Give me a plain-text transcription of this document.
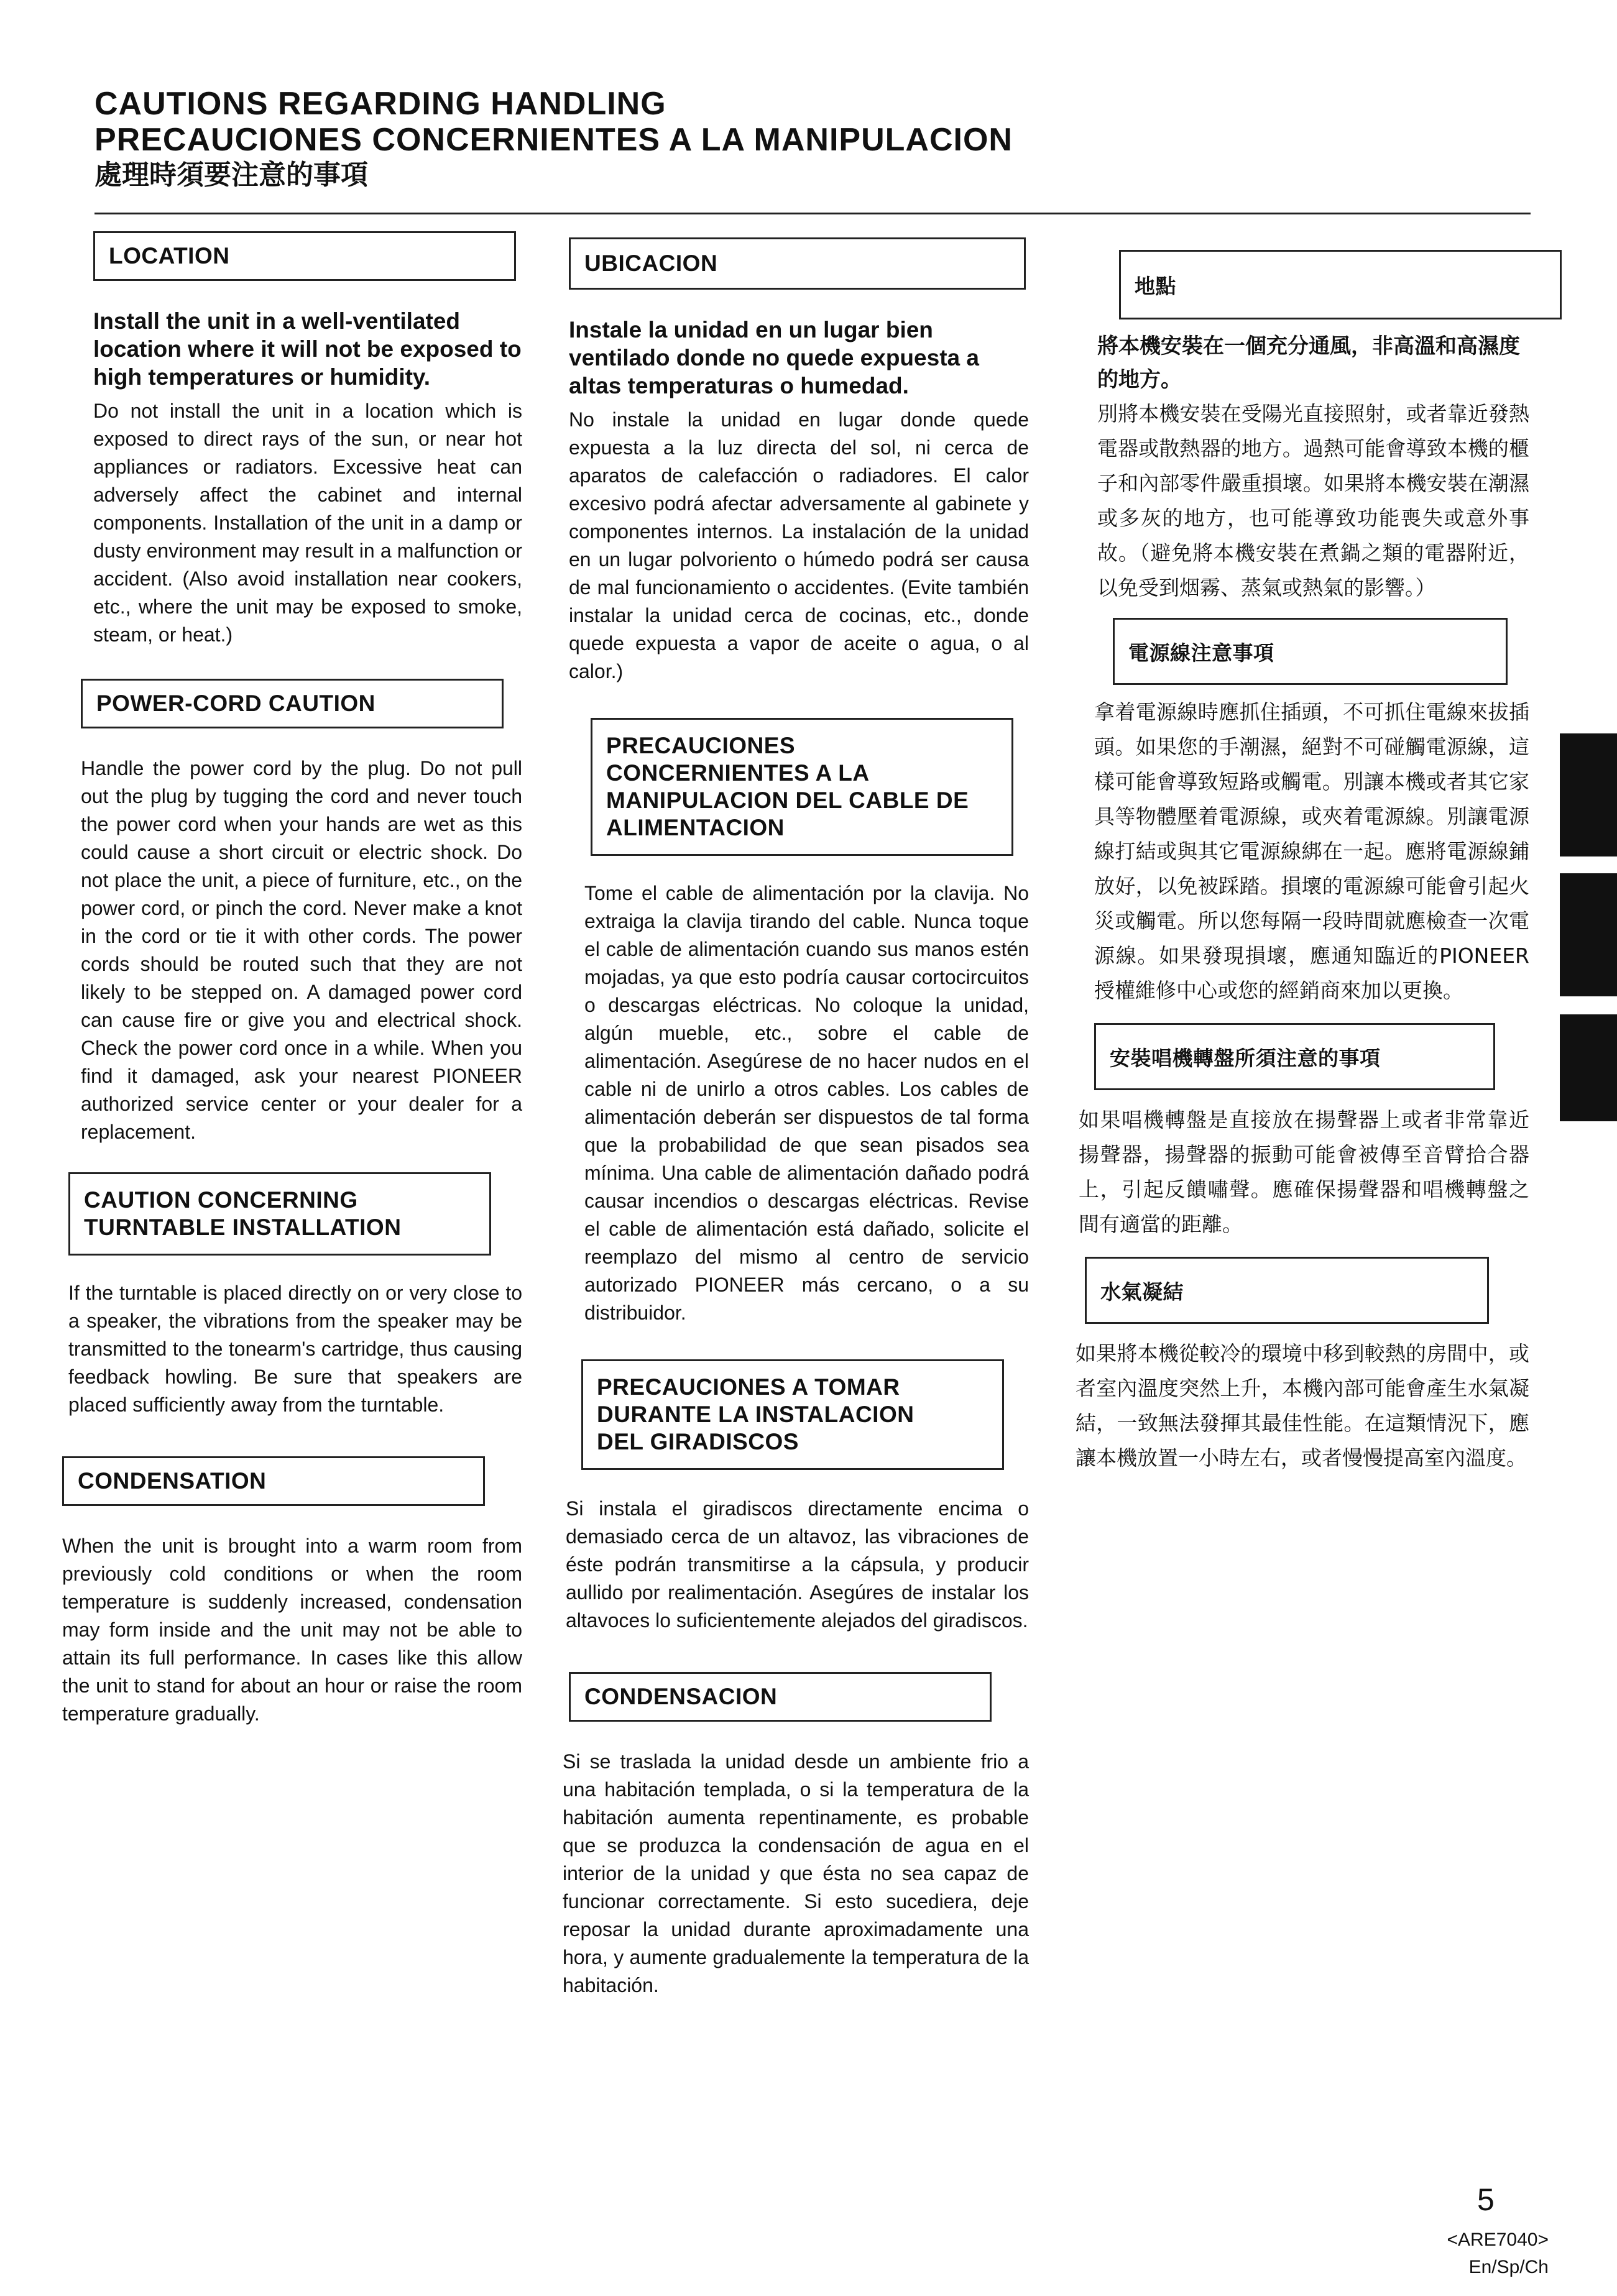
CAUTIONS REGARDING HANDLING
PRECAUCIONES CONCERNIENTES A LA MANIPULACION
處理時須要注意的事項
LOCATION

Install the unit in a well-ventilated location where it will not be exposed to high temperatures or humidity.

Do not install the unit in a location which is exposed to direct rays of the sun, or near hot appliances or radiators. Excessive heat can adversely affect the cabinet and internal components. Installation of the unit in a damp or dusty environment may result in a malfunction or accident. (Also avoid installation near cookers, etc., where the unit may be exposed to smoke, steam, or heat.)

POWER-CORD CAUTION

Handle the power cord by the plug. Do not pull out the plug by tugging the cord and never touch the power cord when your hands are wet as this could cause a short circuit or electric shock. Do not place the unit, a piece of furniture, etc., on the power cord, or pinch the cord. Never make a knot in the cord or tie it with other cords. The power cords should be routed such that they are not likely to be stepped on. A damaged power cord can cause fire or give you and electrical shock. Check the power cord once in a while. When you find it damaged, ask your nearest PIONEER authorized service center or your dealer for a replacement.

CAUTION CONCERNING
TURNTABLE INSTALLATION

If the turntable is placed directly on or very close to a speaker, the vibrations from the speaker may be transmitted to the tonearm's cartridge, thus causing feedback howling. Be sure that speakers are placed sufficiently away from the turntable.

CONDENSATION

When the unit is brought into a warm room from previously cold conditions or when the room temperature is suddenly increased, condensation may form inside and the unit may not be able to attain its full performance. In cases like this allow the unit to stand for about an hour or raise the room temperature gradually.

UBICACION

Instale la unidad en un lugar bien ventilado donde no quede expuesta a altas temperaturas o humedad.

No instale la unidad en lugar donde quede expuesta a la luz directa del sol, ni cerca de aparatos de calefacción o radiadores. El calor excesivo podrá afectar adversamente al gabinete y componentes internos. La instalación de la unidad en un lugar polvoriento o húmedo podrá ser causa de mal funcionamiento o accidentes. (Evite también instalar la unidad cerca de cocinas, etc., donde quede expuesta a vapor de aceite o agua, o al calor.)

PRECAUCIONES
CONCERNIENTES A LA
MANIPULACION DEL CABLE DE
ALIMENTACION

Tome el cable de alimentación por la clavija. No extraiga la clavija tirando del cable. Nunca toque el cable de alimentación cuando sus manos estén mojadas, ya que esto podría causar cortocircuitos o descargas eléctricas. No coloque la unidad, algún mueble, etc., sobre el cable de alimentación. Asegúrese de no hacer nudos en el cable ni de unirlo a otros cables. Los cables de alimentación deberán ser dispuestos de tal forma que la probabilidad de que sean pisados sea mínima. Una cable de alimentación dañado podrá causar incendios o descargas eléctricas. Revise el cable de alimentación está dañado, solicite el reemplazo del mismo al centro de servicio autorizado PIONEER más cercano, o a su distribuidor.

PRECAUCIONES A TOMAR
DURANTE LA INSTALACION
DEL GIRADISCOS

Si instala el giradiscos directamente encima o demasiado cerca de un altavoz, las vibraciones de éste podrán transmitirse a la cápsula, y producir aullido por realimentación. Asegúres de instalar los altavoces lo suficientemente alejados del giradiscos.

CONDENSACION

Si se traslada la unidad desde un ambiente frio a una habitación templada, o si la temperatura de la habitación aumenta repentinamente, es probable que se produzca la condensación de agua en el interior de la unidad y que ésta no sea capaz de funcionar correctamente. Si esto sucediera, deje reposar la unidad durante aproximadamente una hora, y aumente gradualemente la temperatura de la habitación.

地點

將本機安裝在一個充分通風，非高溫和高濕度的地方。

別將本機安裝在受陽光直接照射，或者靠近發熱電器或散熱器的地方。過熱可能會導致本機的櫃子和內部零件嚴重損壞。如果將本機安裝在潮濕或多灰的地方，也可能導致功能喪失或意外事故。（避免將本機安裝在煮鍋之類的電器附近，以免受到烟霧、蒸氣或熱氣的影響。）

電源線注意事項

拿着電源線時應抓住插頭，不可抓住電線來拔插頭。如果您的手潮濕，絕對不可碰觸電源線，這樣可能會導致短路或觸電。別讓本機或者其它家具等物體壓着電源線，或夾着電源線。別讓電源線打結或與其它電源線綁在一起。應將電源線鋪放好，以免被踩踏。損壞的電源線可能會引起火災或觸電。所以您每隔一段時間就應檢查一次電源線。如果發現損壞，應通知臨近的PIONEER授權維修中心或您的經銷商來加以更換。

安裝唱機轉盤所須注意的事項

如果唱機轉盤是直接放在揚聲器上或者非常靠近揚聲器，揚聲器的振動可能會被傳至音臂拾合器上，引起反饋嘯聲。應確保揚聲器和唱機轉盤之間有適當的距離。

水氣凝結

如果將本機從較冷的環境中移到較熱的房間中，或者室內溫度突然上升，本機內部可能會產生水氣凝結，一致無法發揮其最佳性能。在這類情況下，應讓本機放置一小時左右，或者慢慢提高室內溫度。

5
<ARE7040>
En/Sp/Ch
